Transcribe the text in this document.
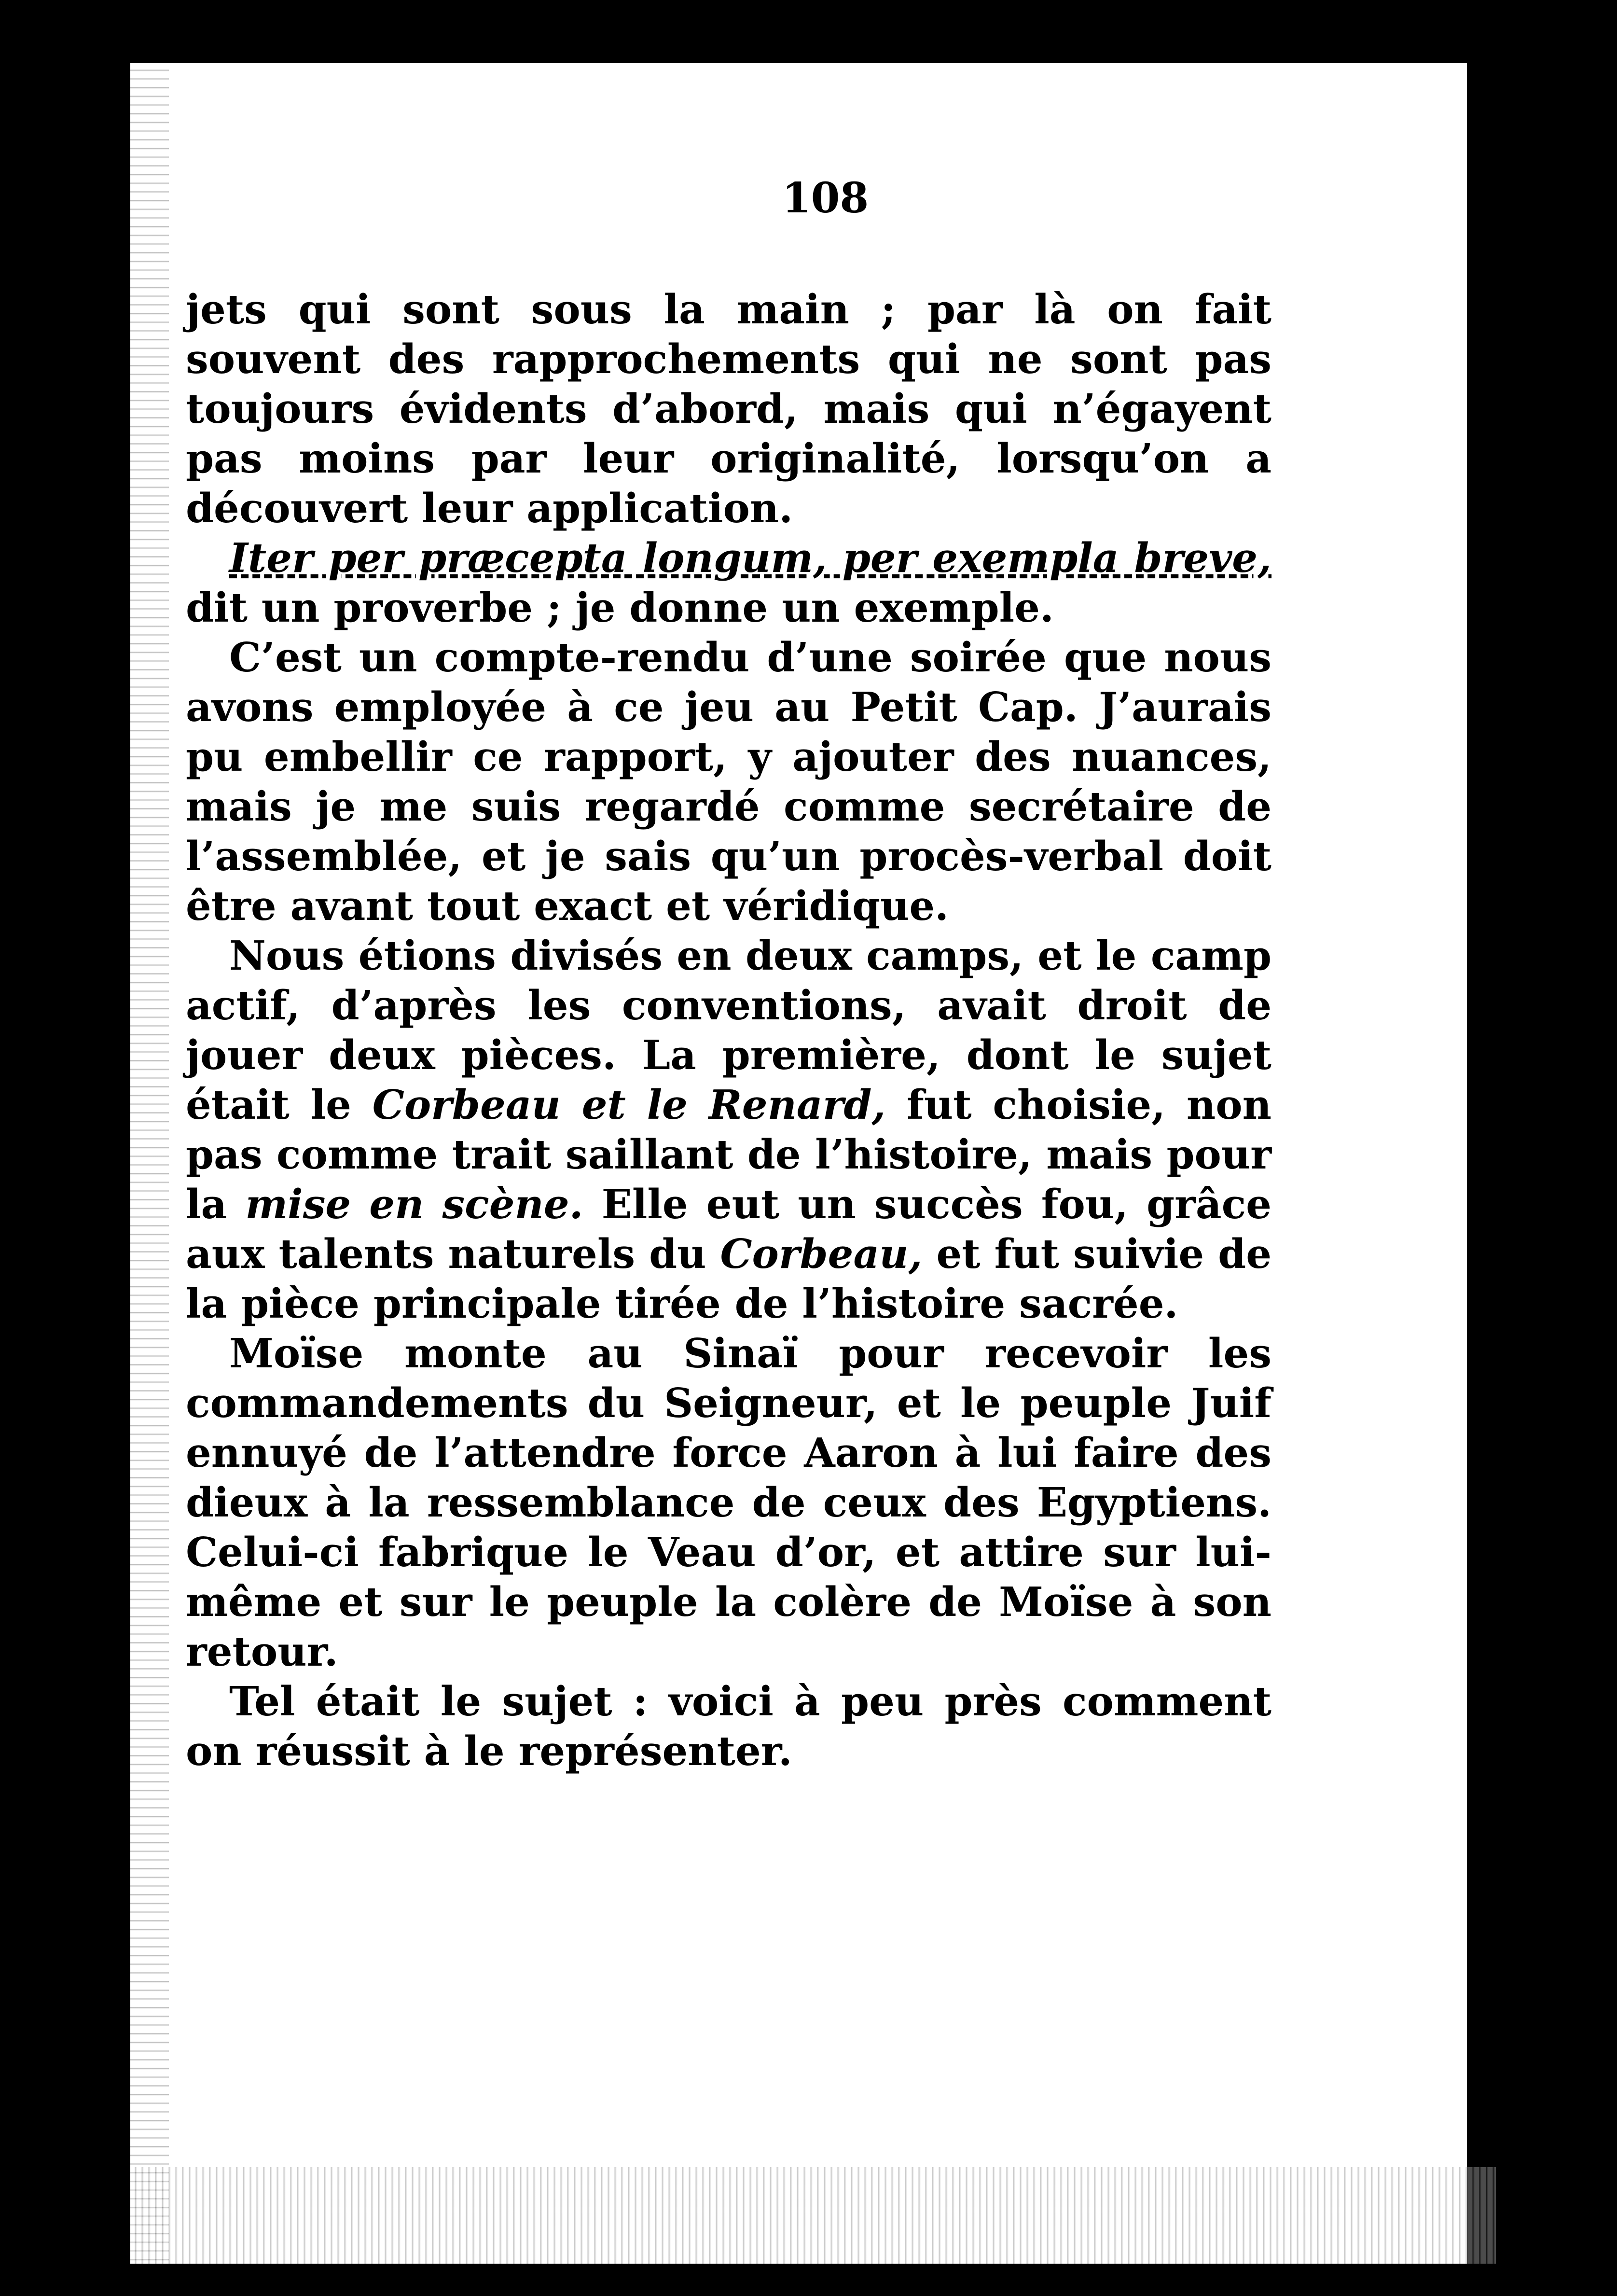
108

jets qui sont sous la main ; par là on fait souvent des rapprochements qui ne sont pas toujours évidents d’abord, mais qui n’égayent pas moins par leur originalité, lorsqu’on a découvert leur application.

Iter per præcepta longum, per exempla breve, dit un proverbe ; je donne un exemple.

C’est un compte-rendu d’une soirée que nous avons employée à ce jeu au Petit Cap. J’aurais pu embellir ce rapport, y ajouter des nuances, mais je me suis regardé comme secrétaire de l’assemblée, et je sais qu’un procès-verbal doit être avant tout exact et véridique.

Nous étions divisés en deux camps, et le camp actif, d’après les conventions, avait droit de jouer deux pièces. La première, dont le sujet était le Corbeau et le Renard, fut choisie, non pas comme trait saillant de l’histoire, mais pour la mise en scène. Elle eut un succès fou, grâce aux talents naturels du Corbeau, et fut suivie de la pièce principale tirée de l’histoire sacrée.

Moïse monte au Sinaï pour recevoir les commandements du Seigneur, et le peuple Juif ennuyé de l’attendre force Aaron à lui faire des dieux à la ressemblance de ceux des Egyptiens. Celui-ci fabrique le Veau d’or, et attire sur lui-même et sur le peuple la colère de Moïse à son retour.

Tel était le sujet : voici à peu près comment on réussit à le représenter.
